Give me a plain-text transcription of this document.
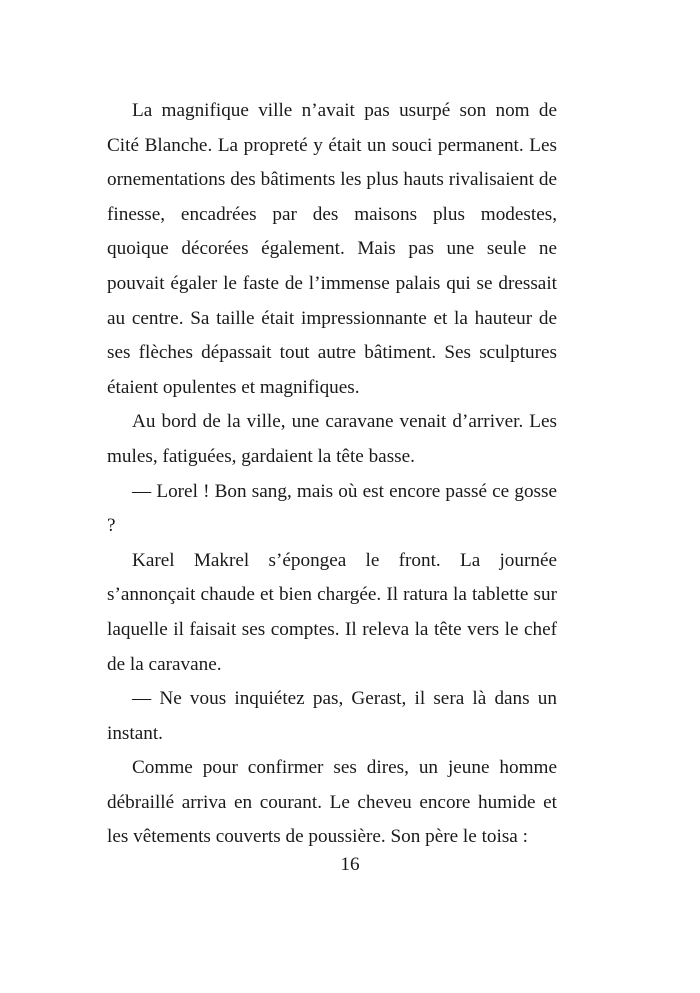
La magnifique ville n’avait pas usurpé son nom de Cité Blanche. La propreté y était un souci permanent. Les ornementations des bâtiments les plus hauts rivalisaient de finesse, encadrées par des maisons plus modestes, quoique décorées également. Mais pas une seule ne pouvait égaler le faste de l’immense palais qui se dressait au centre. Sa taille était impressionnante et la hauteur de ses flèches dépassait tout autre bâtiment. Ses sculptures étaient opulentes et magnifiques.

Au bord de la ville, une caravane venait d’arriver. Les mules, fatiguées, gardaient la tête basse.

— Lorel ! Bon sang, mais où est encore passé ce gosse ?

Karel Makrel s’épongea le front. La journée s’annonçait chaude et bien chargée. Il ratura la tablette sur laquelle il faisait ses comptes. Il releva la tête vers le chef de la caravane.

— Ne vous inquiétez pas, Gerast, il sera là dans un instant.

Comme pour confirmer ses dires, un jeune homme débraillé arriva en courant. Le cheveu encore humide et les vêtements couverts de poussière. Son père le toisa :

16
